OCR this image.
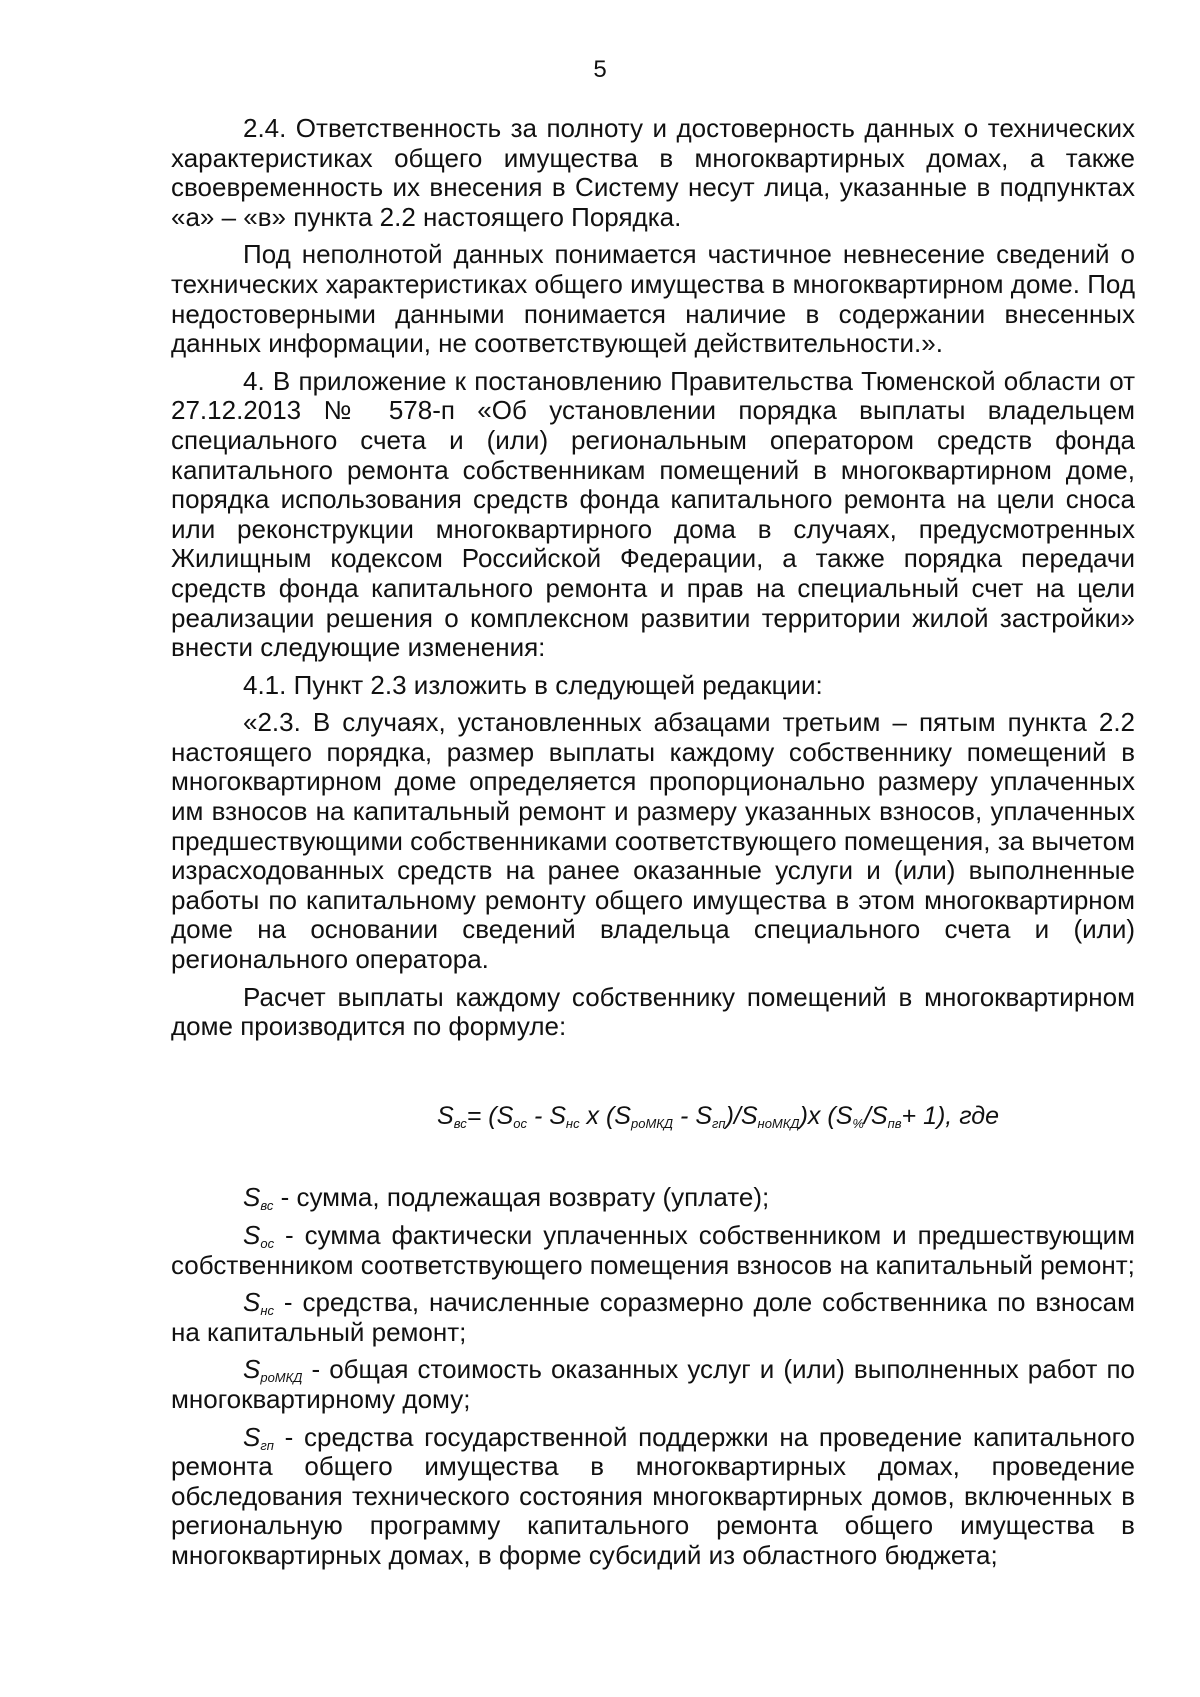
5

2.4. Ответственность за полноту и достоверность данных о технических характеристиках общего имущества в многоквартирных домах, а также своевременность их внесения в Систему несут лица, указанные в подпунктах «а» – «в» пункта 2.2 настоящего Порядка.

Под неполнотой данных понимается частичное невнесение сведений о технических характеристиках общего имущества в многоквартирном доме. Под недостоверными данными понимается наличие в содержании внесенных данных информации, не соответствующей действительности.».

4. В приложение к постановлению Правительства Тюменской области от 27.12.2013 № 578-п «Об установлении порядка выплаты владельцем специального счета и (или) региональным оператором средств фонда капитального ремонта собственникам помещений в многоквартирном доме, порядка использования средств фонда капитального ремонта на цели сноса или реконструкции многоквартирного дома в случаях, предусмотренных Жилищным кодексом Российской Федерации, а также порядка передачи средств фонда капитального ремонта и прав на специальный счет на цели реализации решения о комплексном развитии территории жилой застройки» внести следующие изменения:

4.1. Пункт 2.3 изложить в следующей редакции:

«2.3. В случаях, установленных абзацами третьим – пятым пункта 2.2 настоящего порядка, размер выплаты каждому собственнику помещений в многоквартирном доме определяется пропорционально размеру уплаченных им взносов на капитальный ремонт и размеру указанных взносов, уплаченных предшествующими собственниками соответствующего помещения, за вычетом израсходованных средств на ранее оказанные услуги и (или) выполненные работы по капитальному ремонту общего имущества в этом многоквартирном доме на основании сведений владельца специального счета и (или) регионального оператора.

Расчет выплаты каждому собственнику помещений в многоквартирном доме производится по формуле:

$S_{вс}= (S_{ос} - S_{нс}$ х $(S_{роМКД} - S_{гп})/S_{нoМКД})х$ $(S_{\%}/S_{пв}+ 1)$, где

$S_{вс}$ - сумма, подлежащая возврату (уплате);

$S_{ос}$ - сумма фактически уплаченных собственником и предшествующим собственником соответствующего помещения взносов на капитальный ремонт;

$S_{нс}$ - средства, начисленные соразмерно доле собственника по взносам на капитальный ремонт;

$S_{роМКД}$ - общая стоимость оказанных услуг и (или) выполненных работ по многоквартирному дому;

$S_{гп}$ - средства государственной поддержки на проведение капитального ремонта общего имущества в многоквартирных домах, проведение обследования технического состояния многоквартирных домов, включенных в региональную программу капитального ремонта общего имущества в многоквартирных домах, в форме субсидий из областного бюджета;
